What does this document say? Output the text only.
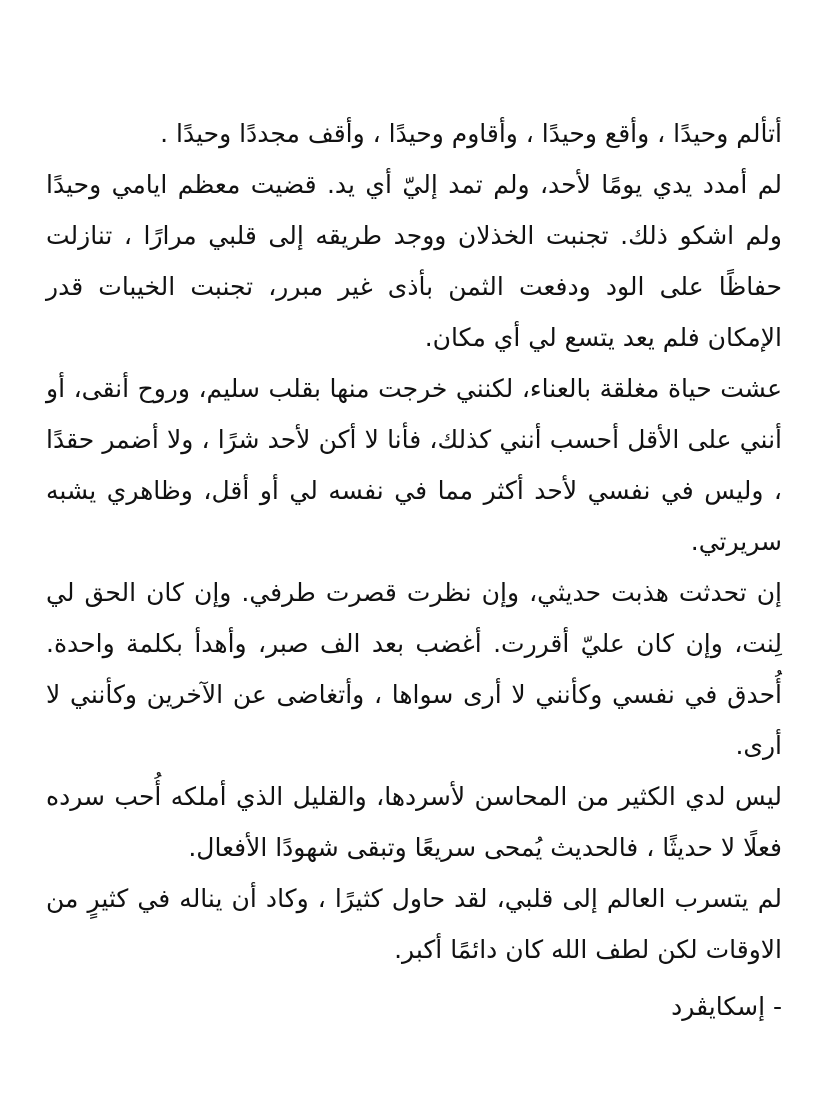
أتألم وحيدًا ، وأقع وحيدًا ، وأقاوم وحيدًا ، وأقف مجددًا وحيدًا .

لم أمدد يدي يومًا لأحد، ولم تمد إليّ أي يد. قضيت معظم ايامي وحيدًا ولم اشكو ذلك. تجنبت الخذلان ووجد طريقه إلى قلبي مرارًا ، تنازلت حفاظًا على الود ودفعت الثمن بأذى غير مبرر، تجنبت الخيبات قدر الإمكان فلم يعد يتسع لي أي مكان.

عشت حياة مغلقة بالعناء، لكنني خرجت منها بقلب سليم، وروح أنقى، أو أنني على الأقل أحسب أنني كذلك، فأنا لا أكن لأحد شرًا ، ولا أضمر حقدًا ، وليس في نفسي لأحد أكثر مما في نفسه لي أو أقل، وظاهري يشبه سريرتي.

إن تحدثت هذبت حديثي، وإن نظرت قصرت طرفي. وإن كان الحق لي لِنت، وإن كان عليّ أقررت. أغضب بعد الف صبر، وأهدأ بكلمة واحدة. أُحدق في نفسي وكأنني لا أرى سواها ، وأتغاضى عن الآخرين وكأنني لا أرى.

ليس لدي الكثير من المحاسن لأسردها، والقليل الذي أملكه أُحب سرده فعلًا لا حديثًا ، فالحديث يُمحى سريعًا وتبقى شهودًا الأفعال.

لم يتسرب العالم إلى قلبي، لقد حاول كثيرًا ، وكاد أن يناله في كثيرٍ من الاوقات لكن لطف الله كان دائمًا أكبر.

- إسكايڤرد
